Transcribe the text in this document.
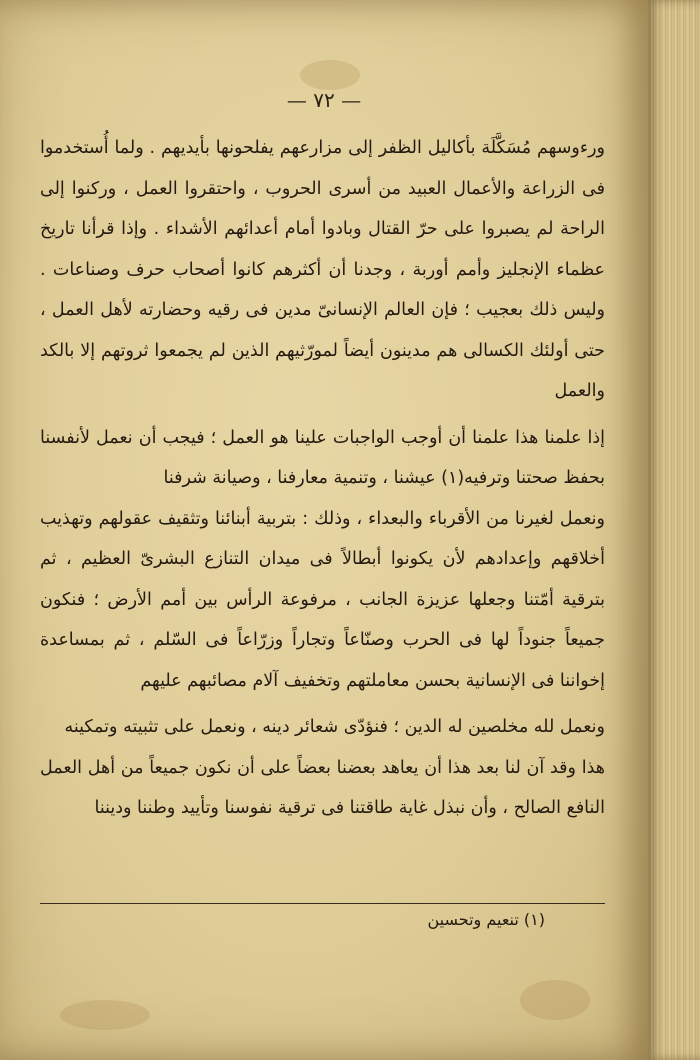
— ٧٢ —

ورءوسهم مُسَكَّلَة بأكاليل الظفر إلى مزارعهم يفلحونها بأيديهم . ولما أُستخدموا فى الزراعة والأعمال العبيد من أسرى الحروب ، واحتقروا العمل ، وركنوا إلى الراحة لم يصبروا على حرّ القتال وبادوا أمام أعدائهم الأشداء . وإذا قرأنا تاريخ عظماء الإنجليز وأمم أوربة ، وجدنا أن أكثرهم كانوا أصحاب حرف وصناعات . وليس ذلك بعجيب ؛ فإن العالم الإنسانىّ مدين فى رقيه وحضارته لأهل العمل ، حتى أولئك الكسالى هم مدينون أيضاً لمورّثيهم الذين لم يجمعوا ثروتهم إلا بالكد والعمل

إذا علمنا هذا علمنا أن أوجب الواجبات علينا هو العمل ؛ فيجب أن نعمل لأنفسنا بحفظ صحتنا وترفيه(١) عيشنا ، وتنمية معارفنا ، وصيانة شرفنا

ونعمل لغيرنا من الأقرباء والبعداء ، وذلك : بتربية أبنائنا وتثقيف عقولهم وتهذيب أخلاقهم وإعدادهم لأن يكونوا أبطالاً فى ميدان التنازع البشرىّ العظيم ، ثم بترقية أمّتنا وجعلها عزيزة الجانب ، مرفوعة الرأس بين أمم الأرض ؛ فنكون جميعاً جنوداً لها فى الحرب وصنّاعاً وتجاراً وزرّاعاً فى السّلم ، ثم بمساعدة إخواننا فى الإنسانية بحسن معاملتهم وتخفيف آلام مصائبهم عليهم

ونعمل لله مخلصين له الدين ؛ فنؤدّى شعائر دينه ، ونعمل على تثبيته وتمكينه

هذا وقد آن لنا بعد هذا أن يعاهد بعضنا بعضاً على أن نكون جميعاً من أهل العمل النافع الصالح ، وأن نبذل غاية طاقتنا فى ترقية نفوسنا وتأييد وطننا وديننا

(١) تنعيم وتحسين
